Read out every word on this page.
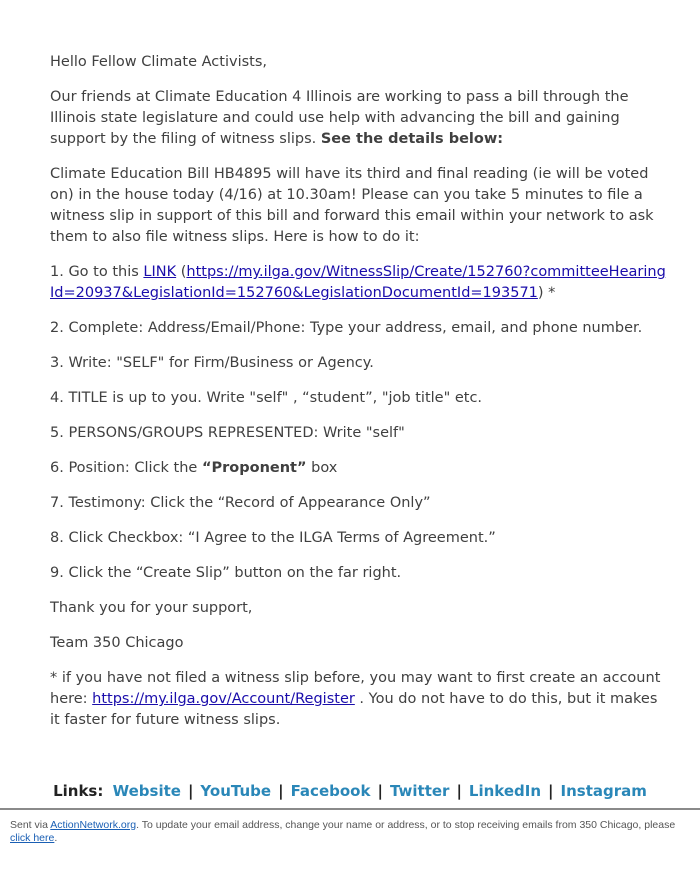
Hello Fellow Climate Activists,

Our friends at Climate Education 4 Illinois are working to pass a bill through the Illinois state legislature and could use help with advancing the bill and gaining support by the filing of witness slips. See the details below:

Climate Education Bill HB4895 will have its third and final reading (ie will be voted on) in the house today (4/16) at 10.30am! Please can you take 5 minutes to file a witness slip in support of this bill and forward this email within your network to ask them to also file witness slips. Here is how to do it:

1. Go to this LINK (https://my.ilga.gov/WitnessSlip/Create/152760?committeeHearingId=20937&LegislationId=152760&LegislationDocumentId=193571) *

2. Complete: Address/Email/Phone: Type your address, email, and phone number.

3. Write: "SELF" for Firm/Business or Agency.

4. TITLE is up to you. Write "self" , “student”, "job title" etc.

5. PERSONS/GROUPS REPRESENTED: Write "self"

6. Position: Click the “Proponent” box

7. Testimony: Click the “Record of Appearance Only”

8. Click Checkbox: “I Agree to the ILGA Terms of Agreement.”

9. Click the “Create Slip” button on the far right.

Thank you for your support,

Team 350 Chicago

* if you have not filed a witness slip before, you may want to first create an account here: https://my.ilga.gov/Account/Register . You do not have to do this, but it makes it faster for future witness slips.

Links: Website | YouTube | Facebook | Twitter | LinkedIn | Instagram
Sent via ActionNetwork.org. To update your email address, change your name or address, or to stop receiving emails from 350 Chicago, please click here.
